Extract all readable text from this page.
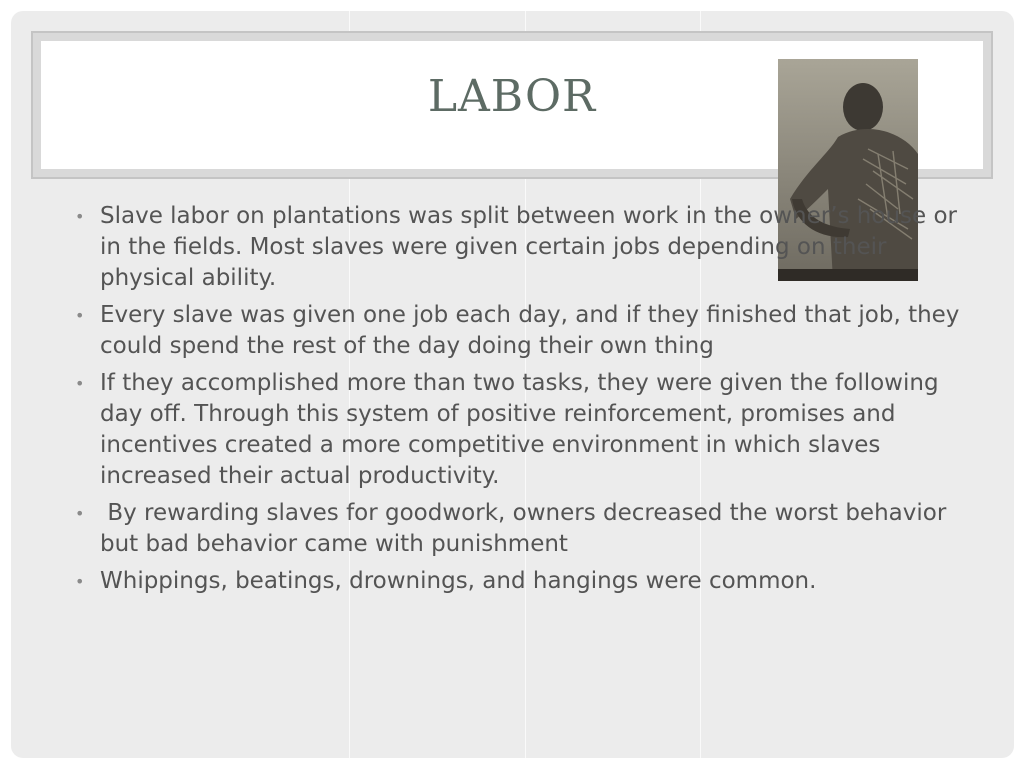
LABOR
• Slave labor on plantations was split between work in the owner’s house or in the fields. Most slaves were given certain jobs depending on their physical ability.
• Every slave was given one job each day, and if they finished that job, they could spend the rest of the day doing their own thing
• If they accomplished more than two tasks, they were given the following day off. Through this system of positive reinforcement, promises and incentives created a more competitive environment in which slaves increased their actual productivity.
• By rewarding slaves for goodwork, owners decreased the worst behavior but bad behavior came with punishment
• Whippings, beatings, drownings, and hangings were common.
